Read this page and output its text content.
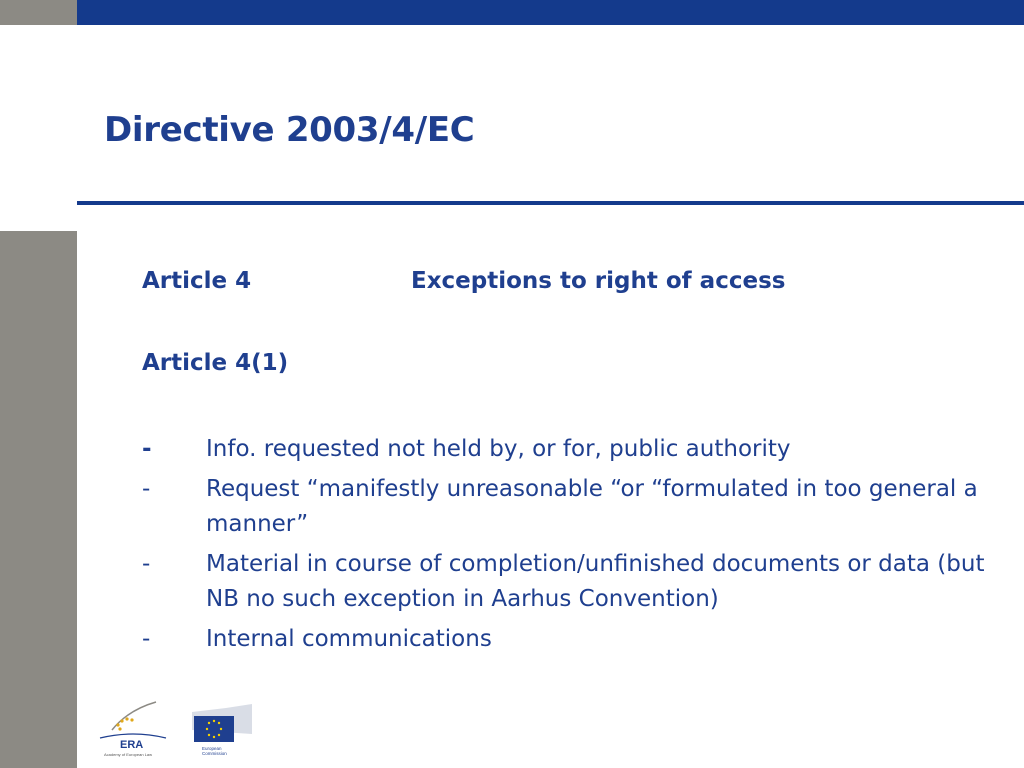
Directive 2003/4/EC
Article 4	Exceptions to right of access
Article 4(1)
-	Info. requested not held by, or for, public authority
-	Request “manifestly unreasonable “or “formulated in too general a manner”
-	Material in course of completion/unfinished documents or data (but NB no such exception in Aarhus Convention)
-	Internal communications
ERA
Academy of European Law
European
Commission
